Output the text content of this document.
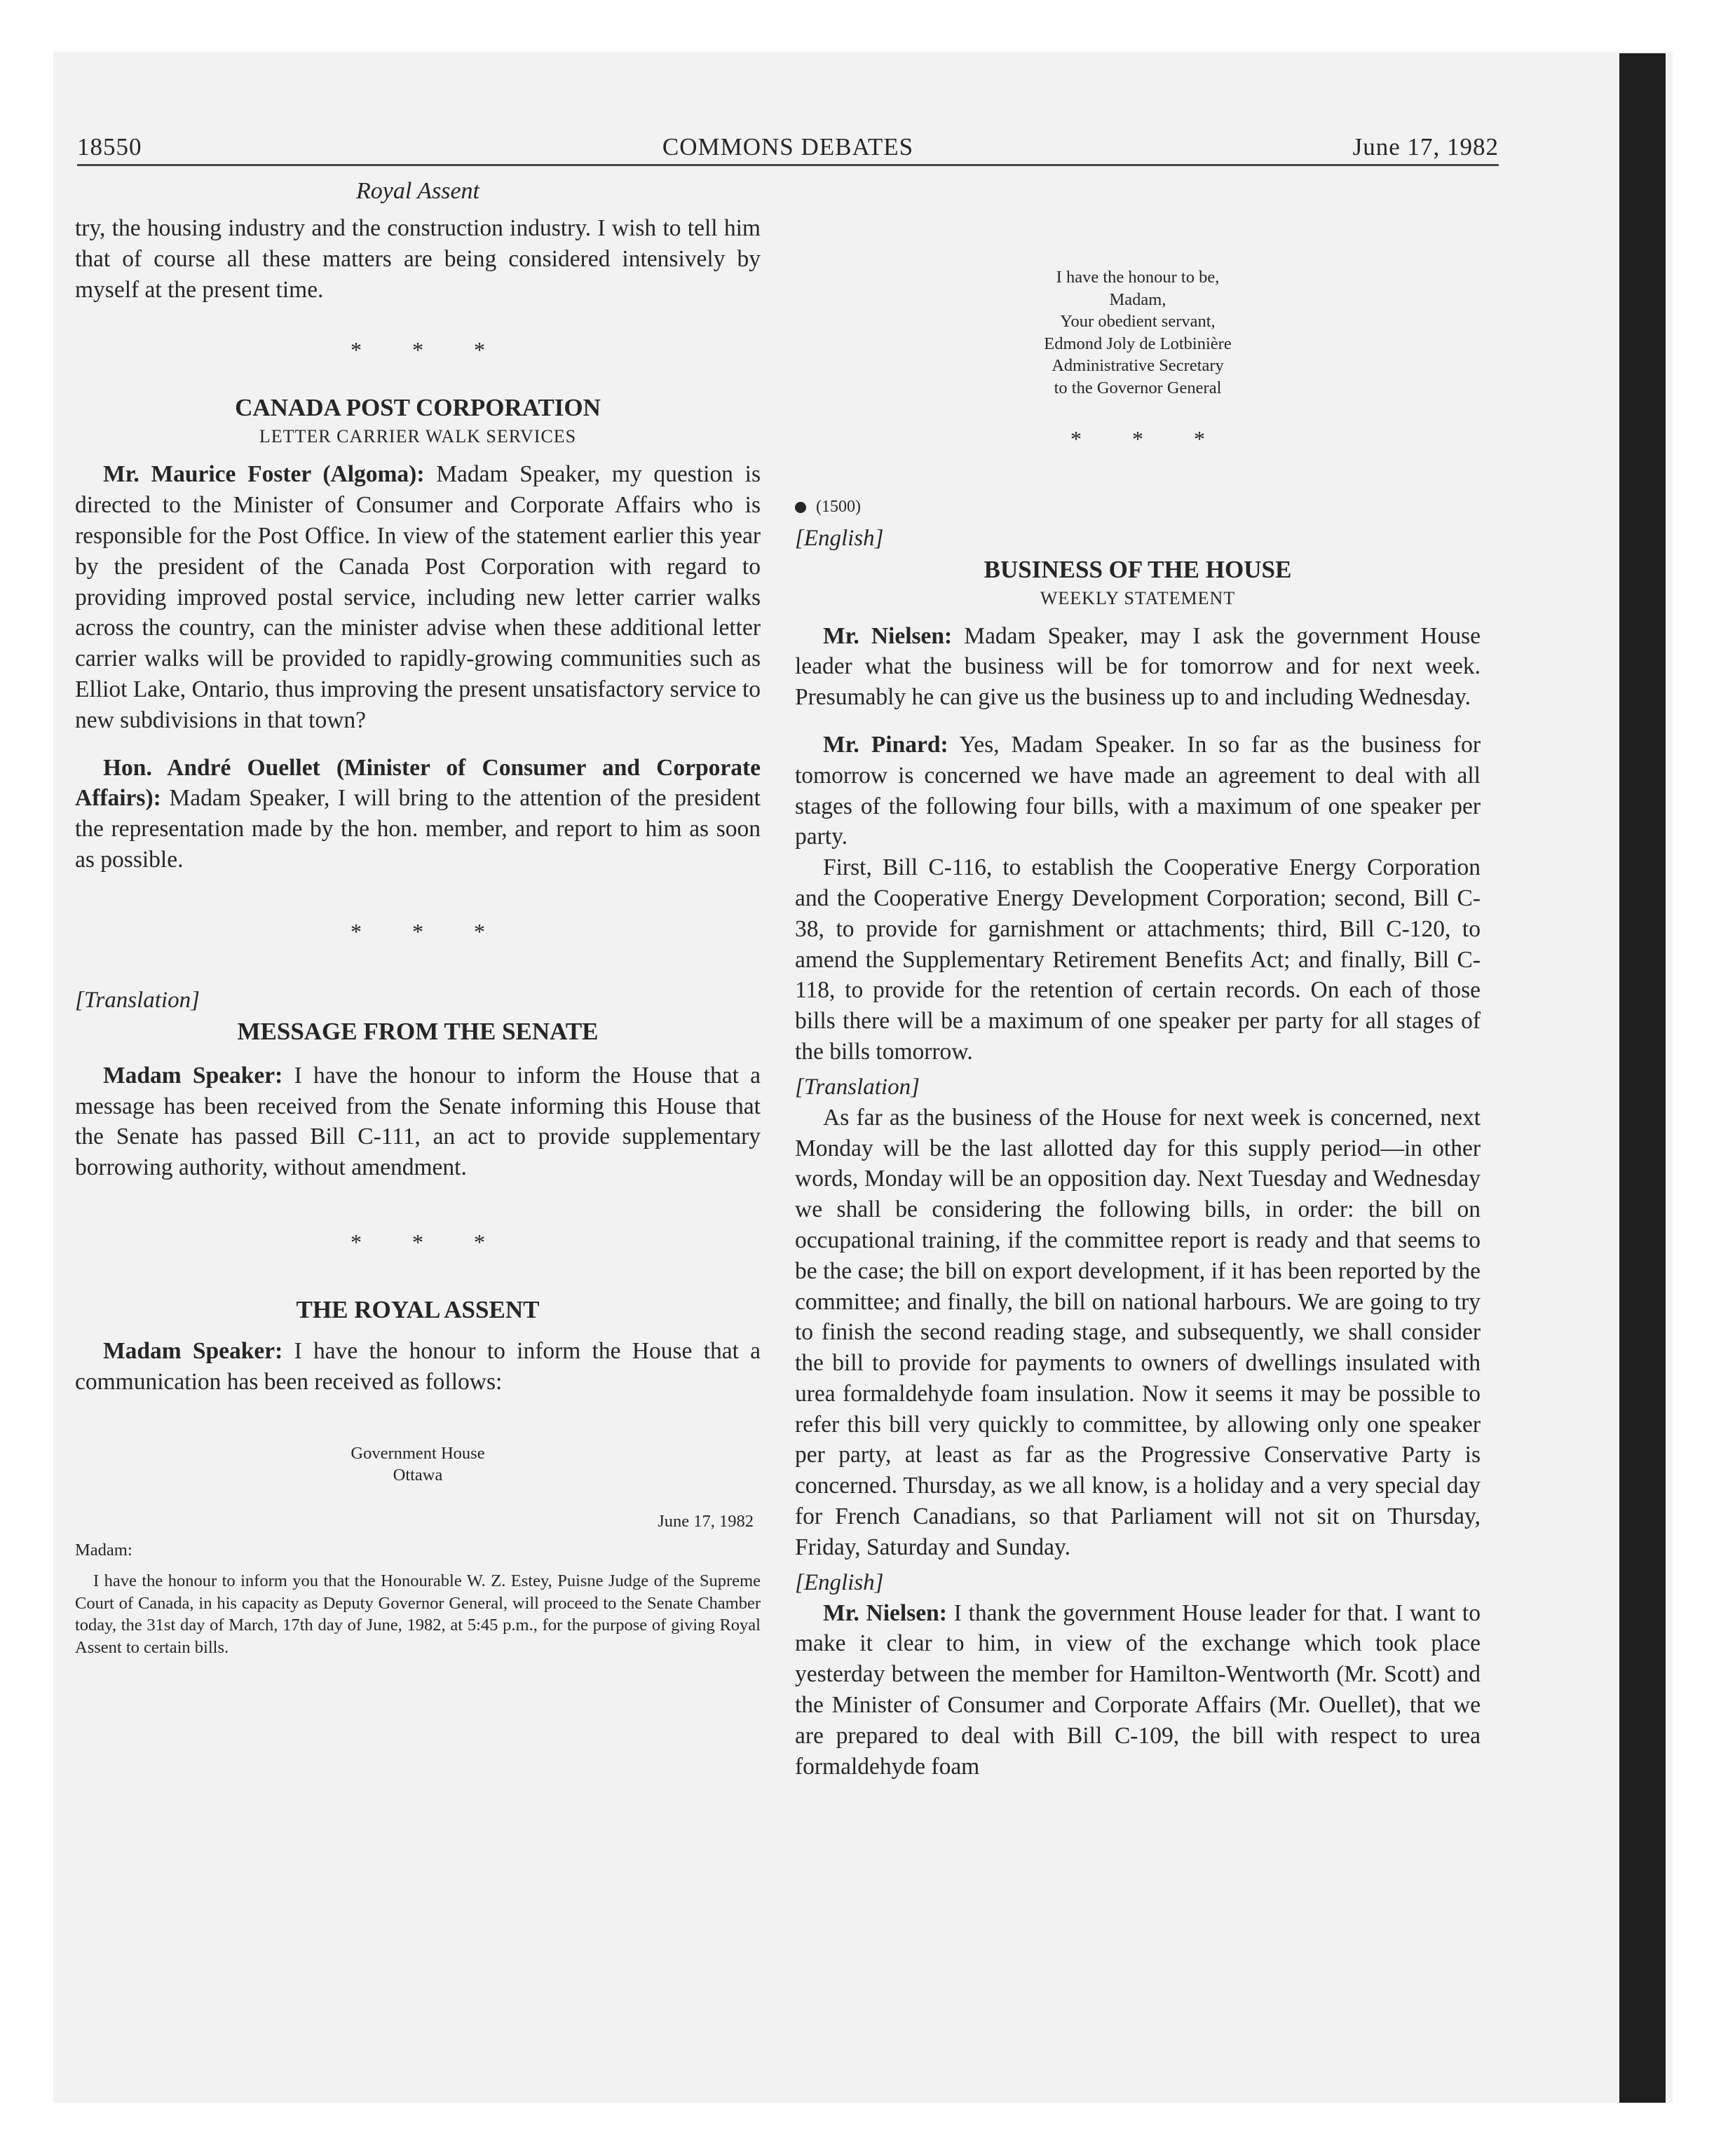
COMMONS DEBATES
18550	June 17, 1982

Royal Assent

try, the housing industry and the construction industry. I wish to tell him that of course all these matters are being considered intensively by myself at the present time.

* * *

CANADA POST CORPORATION

LETTER CARRIER WALK SERVICES

Mr. Maurice Foster (Algoma): Madam Speaker, my question is directed to the Minister of Consumer and Corporate Affairs who is responsible for the Post Office. In view of the statement earlier this year by the president of the Canada Post Corporation with regard to providing improved postal service, including new letter carrier walks across the country, can the minister advise when these additional letter carrier walks will be provided to rapidly-growing communities such as Elliot Lake, Ontario, thus improving the present unsatisfactory service to new subdivisions in that town?

Hon. André Ouellet (Minister of Consumer and Corporate Affairs): Madam Speaker, I will bring to the attention of the president the representation made by the hon. member, and report to him as soon as possible.

* * *

[Translation]

MESSAGE FROM THE SENATE

Madam Speaker: I have the honour to inform the House that a message has been received from the Senate informing this House that the Senate has passed Bill C-111, an act to provide supplementary borrowing authority, without amendment.

* * *

THE ROYAL ASSENT

Madam Speaker: I have the honour to inform the House that a communication has been received as follows:

Government House

Ottawa

June 17, 1982

Madam:

I have the honour to inform you that the Honourable W. Z. Estey, Puisne Judge of the Supreme Court of Canada, in his capacity as Deputy Governor General, will proceed to the Senate Chamber today, the 31st day of March, 17th day of June, 1982, at 5:45 p.m., for the purpose of giving Royal Assent to certain bills.

I have the honour to be,

Madam,

Your obedient servant,

Edmond Joly de Lotbinière

Administrative Secretary

to the Governor General

* * *

(1500)

[English]

BUSINESS OF THE HOUSE

WEEKLY STATEMENT

Mr. Nielsen: Madam Speaker, may I ask the government House leader what the business will be for tomorrow and for next week. Presumably he can give us the business up to and including Wednesday.

Mr. Pinard: Yes, Madam Speaker. In so far as the business for tomorrow is concerned we have made an agreement to deal with all stages of the following four bills, with a maximum of one speaker per party.

First, Bill C-116, to establish the Cooperative Energy Corporation and the Cooperative Energy Development Corporation; second, Bill C-38, to provide for garnishment or attachments; third, Bill C-120, to amend the Supplementary Retirement Benefits Act; and finally, Bill C-118, to provide for the retention of certain records. On each of those bills there will be a maximum of one speaker per party for all stages of the bills tomorrow.

[Translation]

As far as the business of the House for next week is concerned, next Monday will be the last allotted day for this supply period—in other words, Monday will be an opposition day. Next Tuesday and Wednesday we shall be considering the following bills, in order: the bill on occupational training, if the committee report is ready and that seems to be the case; the bill on export development, if it has been reported by the committee; and finally, the bill on national harbours. We are going to try to finish the second reading stage, and subsequently, we shall consider the bill to provide for payments to owners of dwellings insulated with urea formaldehyde foam insulation. Now it seems it may be possible to refer this bill very quickly to committee, by allowing only one speaker per party, at least as far as the Progressive Conservative Party is concerned. Thursday, as we all know, is a holiday and a very special day for French Canadians, so that Parliament will not sit on Thursday, Friday, Saturday and Sunday.

[English]

Mr. Nielsen: I thank the government House leader for that. I want to make it clear to him, in view of the exchange which took place yesterday between the member for Hamilton-Wentworth (Mr. Scott) and the Minister of Consumer and Corporate Affairs (Mr. Ouellet), that we are prepared to deal with Bill C-109, the bill with respect to urea formaldehyde foam
